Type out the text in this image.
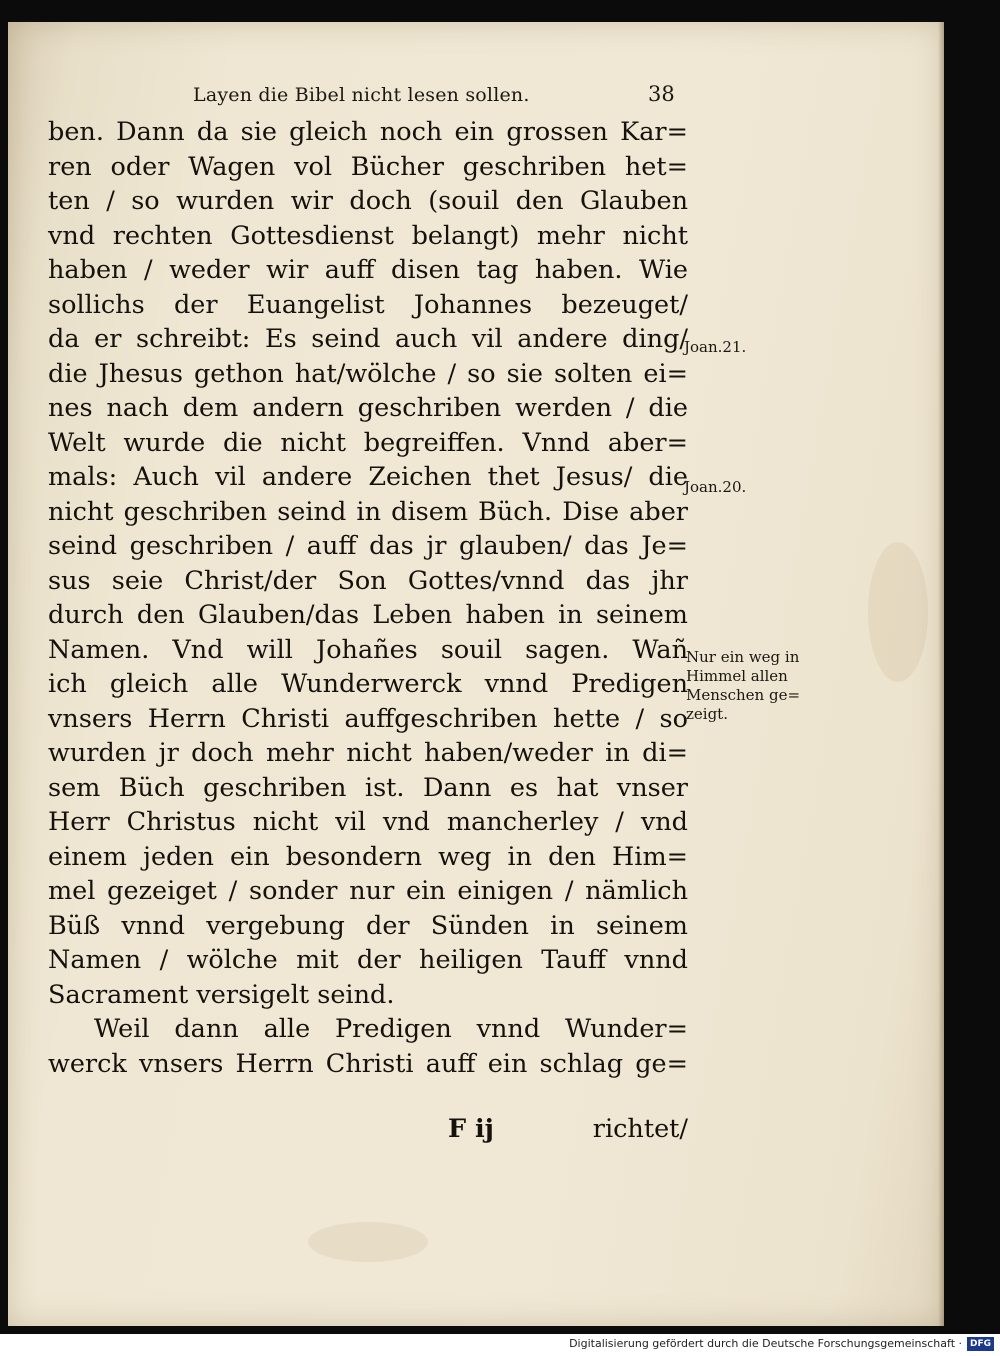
Layen die Bibel nicht lesen sollen.	38
ben. Dann da sie gleich noch ein grossen Kar=
ren oder Wagen vol Bücher geschriben het=
ten / so wurden wir doch (souil den Glauben
vnd rechten Gottesdienst belangt) mehr nicht
haben / weder wir auff disen tag haben. Wie
sollichs der Euangelist Johannes bezeuget/
da er schreibt: Es seind auch vil andere ding/
die Jhesus gethon hat/wölche / so sie solten ei=
nes nach dem andern geschriben werden / die
Welt wurde die nicht begreiffen. Vnnd aber=
mals: Auch vil andere Zeichen thet Jesus/ die
nicht geschriben seind in disem Büch. Dise aber
seind geschriben / auff das jr glauben/ das Je=
sus seie Christ/der Son Gottes/vnnd das jhr
durch den Glauben/das Leben haben in seinem
Namen. Vnd will Johañes souil sagen. Wañ
ich gleich alle Wunderwerck vnnd Predigen
vnsers Herrn Christi auffgeschriben hette / so
wurden jr doch mehr nicht haben/weder in di=
sem Büch geschriben ist. Dann es hat vnser
Herr Christus nicht vil vnd mancherley / vnd
einem jeden ein besondern weg in den Him=
mel gezeiget / sonder nur ein einigen / nämlich
Büß vnnd vergebung der Sünden in seinem
Namen / wölche mit der heiligen Tauff vnnd
Sacrament versigelt seind.
Weil dann alle Predigen vnnd Wunder=
werck vnsers Herrn Christi auff ein schlag ge=
F ij	richtet/
Joan.21.
Joan.20.
Nur ein weg in
Himmel allen
Menschen ge=
zeigt.
Digitalisierung gefördert durch die Deutsche Forschungsgemeinschaft · DFG
